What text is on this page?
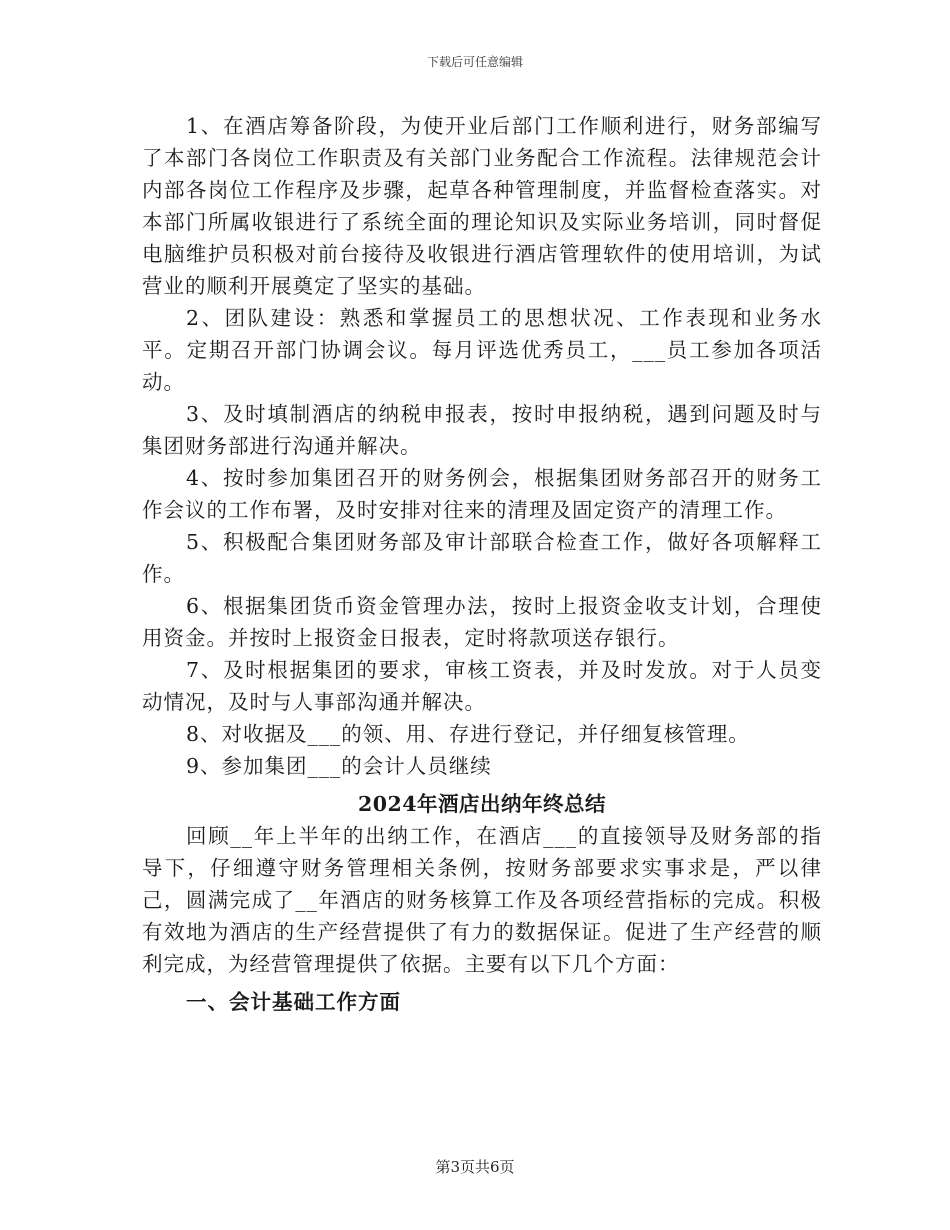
下载后可任意编辑

1、在酒店筹备阶段，为使开业后部门工作顺利进行，财务部编写了本部门各岗位工作职责及有关部门业务配合工作流程。法律规范会计内部各岗位工作程序及步骤，起草各种管理制度，并监督检查落实。对本部门所属收银进行了系统全面的理论知识及实际业务培训，同时督促电脑维护员积极对前台接待及收银进行酒店管理软件的使用培训，为试营业的顺利开展奠定了坚实的基础。

2、团队建设：熟悉和掌握员工的思想状况、工作表现和业务水平。定期召开部门协调会议。每月评选优秀员工，___员工参加各项活动。

3、及时填制酒店的纳税申报表，按时申报纳税，遇到问题及时与集团财务部进行沟通并解决。

4、按时参加集团召开的财务例会，根据集团财务部召开的财务工作会议的工作布署，及时安排对往来的清理及固定资产的清理工作。

5、积极配合集团财务部及审计部联合检查工作，做好各项解释工作。

6、根据集团货币资金管理办法，按时上报资金收支计划，合理使用资金。并按时上报资金日报表，定时将款项送存银行。

7、及时根据集团的要求，审核工资表，并及时发放。对于人员变动情况，及时与人事部沟通并解决。

8、对收据及___的领、用、存进行登记，并仔细复核管理。

9、参加集团___的会计人员继续

2024年酒店出纳年终总结

回顾__年上半年的出纳工作，在酒店___的直接领导及财务部的指导下，仔细遵守财务管理相关条例，按财务部要求实事求是，严以律己，圆满完成了__年酒店的财务核算工作及各项经营指标的完成。积极有效地为酒店的生产经营提供了有力的数据保证。促进了生产经营的顺利完成，为经营管理提供了依据。主要有以下几个方面：

一、会计基础工作方面
第3页共6页
